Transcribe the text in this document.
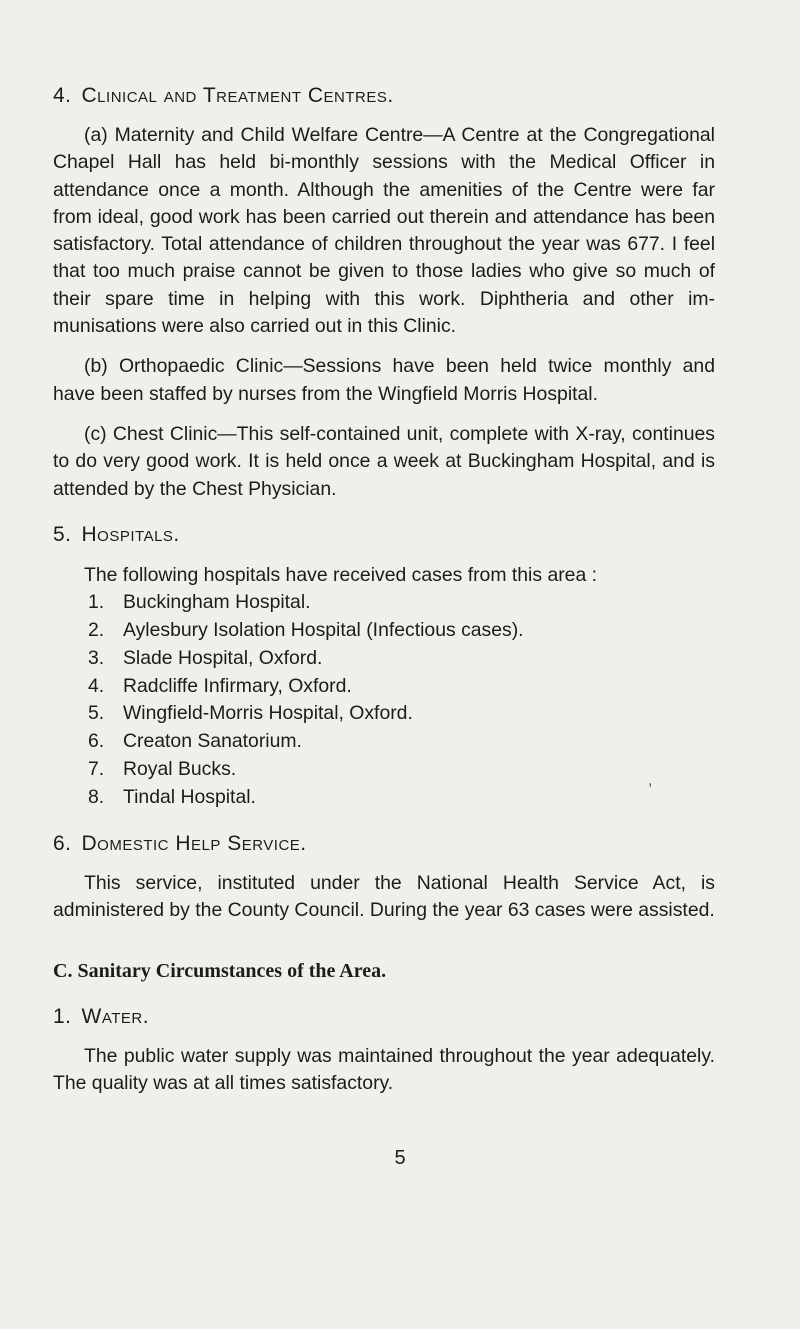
4. Clinical and Treatment Centres.

(a) Maternity and Child Welfare Centre—A Centre at the Congregational Chapel Hall has held bi-monthly sessions with the Medical Officer in attendance once a month. Although the amenities of the Centre were far from ideal, good work has been carried out therein and attendance has been satisfactory. Total attendance of children throughout the year was 677. I feel that too much praise cannot be given to those ladies who give so much of their spare time in helping with this work. Diphtheria and other im- munisations were also carried out in this Clinic.

(b) Orthopaedic Clinic—Sessions have been held twice monthly and have been staffed by nurses from the Wingfield Morris Hospital.

(c) Chest Clinic—This self-contained unit, complete with X-ray, continues to do very good work. It is held once a week at Buckingham Hospital, and is attended by the Chest Physician.

5. Hospitals.
The following hospitals have received cases from this area :
1. Buckingham Hospital.
2. Aylesbury Isolation Hospital (Infectious cases).
3. Slade Hospital, Oxford.
4. Radcliffe Infirmary, Oxford.
5. Wingfield-Morris Hospital, Oxford.
6. Creaton Sanatorium.
7. Royal Bucks.
8. Tindal Hospital.
6. Domestic Help Service.

This service, instituted under the National Health Service Act, is administered by the County Council. During the year 63 cases were assisted.

C. Sanitary Circumstances of the Area.
1. Water.

The public water supply was maintained throughout the year adequately. The quality was at all times satisfactory.

,
5
